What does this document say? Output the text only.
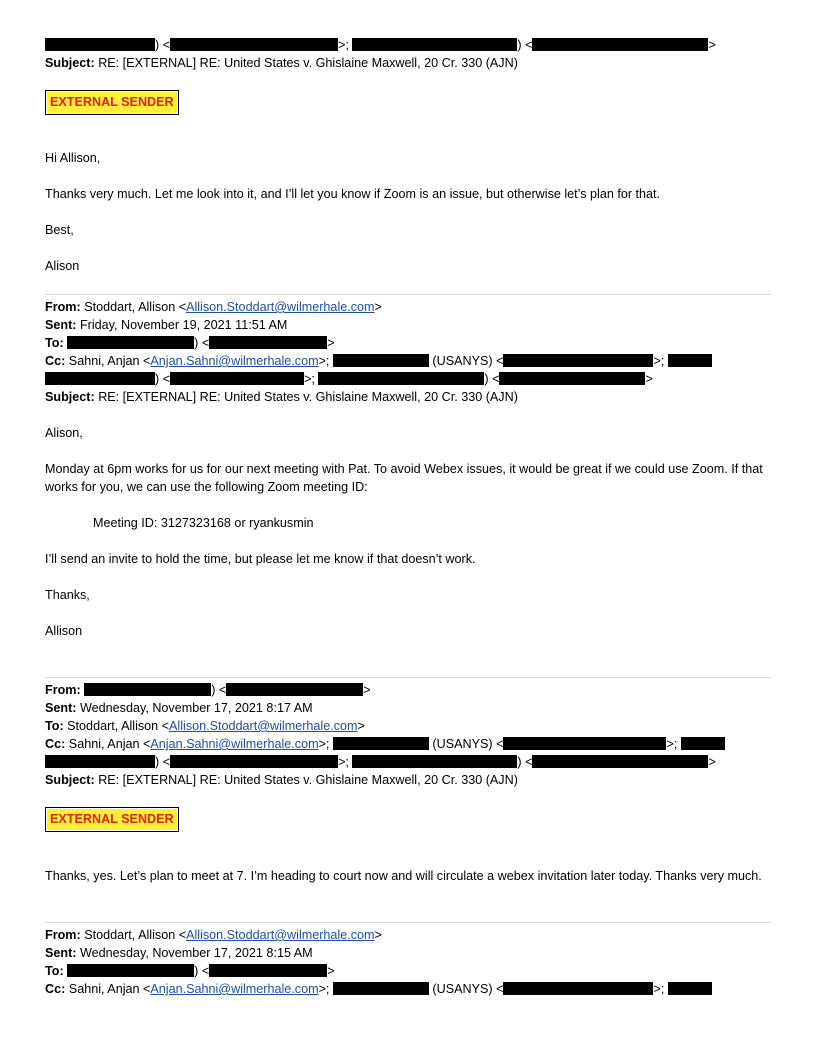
) <	>;	) <	>
Subject: RE: [EXTERNAL] RE: United States v. Ghislaine Maxwell, 20 Cr. 330 (AJN)
EXTERNAL SENDER
Hi Allison,
Thanks very much. Let me look into it, and I’ll let you know if Zoom is an issue, but otherwise let’s plan for that.
Best,
Alison
From: Stoddart, Allison <Allison.Stoddart@wilmerhale.com>
Sent: Friday, November 19, 2021 11:51 AM
To:	) <	>
Cc: Sahni, Anjan <Anjan.Sahni@wilmerhale.com>;	(USANYS) <	>;
) <	>;	) <	>
Subject: RE: [EXTERNAL] RE: United States v. Ghislaine Maxwell, 20 Cr. 330 (AJN)
Alison,
Monday at 6pm works for us for our next meeting with Pat. To avoid Webex issues, it would be great if we could use Zoom. If that works for you, we can use the following Zoom meeting ID:
Meeting ID: 3127323168 or ryankusmin
I’ll send an invite to hold the time, but please let me know if that doesn’t work.
Thanks,
Allison
From:	) <	>
Sent: Wednesday, November 17, 2021 8:17 AM
To: Stoddart, Allison <Allison.Stoddart@wilmerhale.com>
Cc: Sahni, Anjan <Anjan.Sahni@wilmerhale.com>;	(USANYS) <	>;
) <	>;	) <	>
Subject: RE: [EXTERNAL] RE: United States v. Ghislaine Maxwell, 20 Cr. 330 (AJN)
EXTERNAL SENDER
Thanks, yes. Let’s plan to meet at 7. I’m heading to court now and will circulate a webex invitation later today. Thanks very much.
From: Stoddart, Allison <Allison.Stoddart@wilmerhale.com>
Sent: Wednesday, November 17, 2021 8:15 AM
To:	) <	>
Cc: Sahni, Anjan <Anjan.Sahni@wilmerhale.com>;	(USANYS) <	>;
